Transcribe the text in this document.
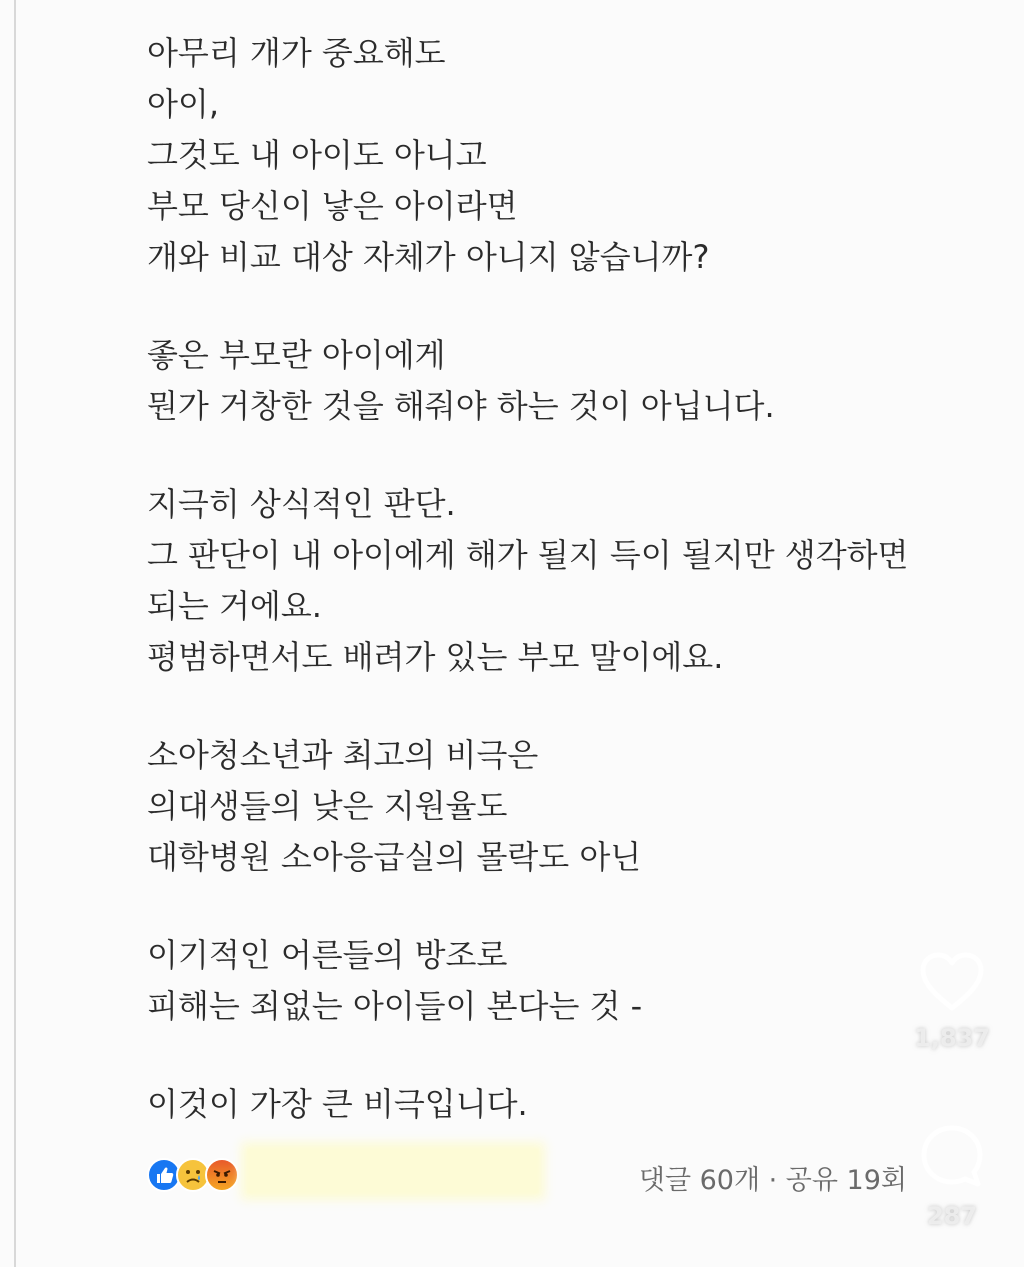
아무리 개가 중요해도
아이,
그것도 내 아이도 아니고
부모 당신이 낳은 아이라면
개와 비교 대상 자체가 아니지 않습니까?
좋은 부모란 아이에게
뭔가 거창한 것을 해줘야 하는 것이 아닙니다.
지극히 상식적인 판단.
그 판단이 내 아이에게 해가 될지 득이 될지만 생각하면
되는 거에요.
평범하면서도 배려가 있는 부모 말이에요.
소아청소년과 최고의 비극은
의대생들의 낮은 지원율도
대학병원 소아응급실의 몰락도 아닌
이기적인 어른들의 방조로
피해는 죄없는 아이들이 본다는 것 -
이것이 가장 큰 비극입니다.
댓글 60개 · 공유 19회
1,837
287
